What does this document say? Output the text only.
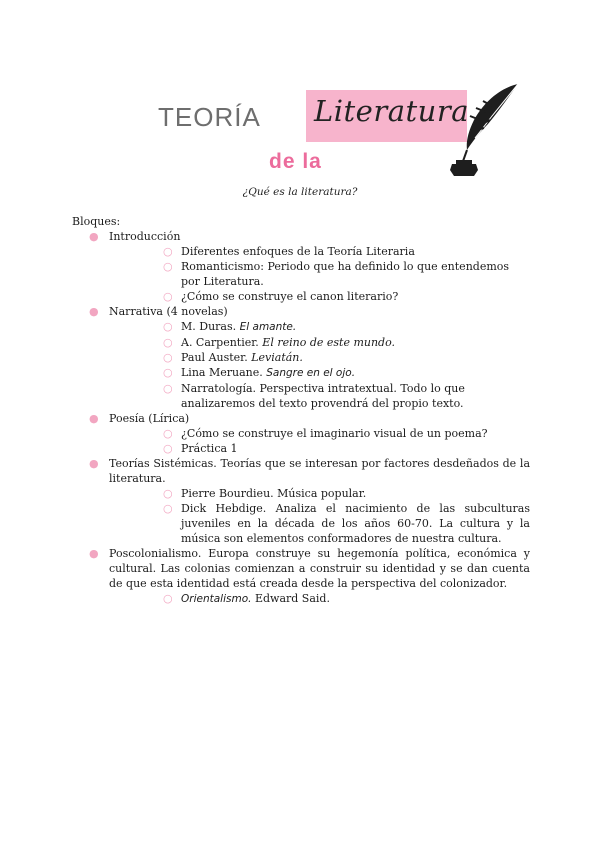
TEORÍA Literatura
de la
¿Qué es la literatura?
Bloques:
● Introducción
○ Diferentes enfoques de la Teoría Literaria
○ Romanticismo: Periodo que ha definido lo que entendemos por Literatura.
○ ¿Cómo se construye el canon literario?
● Narrativa (4 novelas)
○ M. Duras. El amante.
○ A. Carpentier. El reino de este mundo.
○ Paul Auster. Leviatán.
○ Lina Meruane. Sangre en el ojo.
○ Narratología. Perspectiva intratextual. Todo lo que analizaremos del texto provendrá del propio texto.
● Poesía (Lírica)
○ ¿Cómo se construye el imaginario visual de un poema?
○ Práctica 1
● Teorías Sistémicas. Teorías que se interesan por factores desdeñados de la literatura.
○ Pierre Bourdieu. Música popular.
○ Dick Hebdige. Analiza el nacimiento de las subculturas juveniles en la década de los años 60-70. La cultura y la música son elementos conformadores de nuestra cultura.
● Poscolonialismo. Europa construye su hegemonía política, económica y cultural. Las colonias comienzan a construir su identidad y se dan cuenta de que esta identidad está creada desde la perspectiva del colonizador.
○ Orientalismo. Edward Said.
